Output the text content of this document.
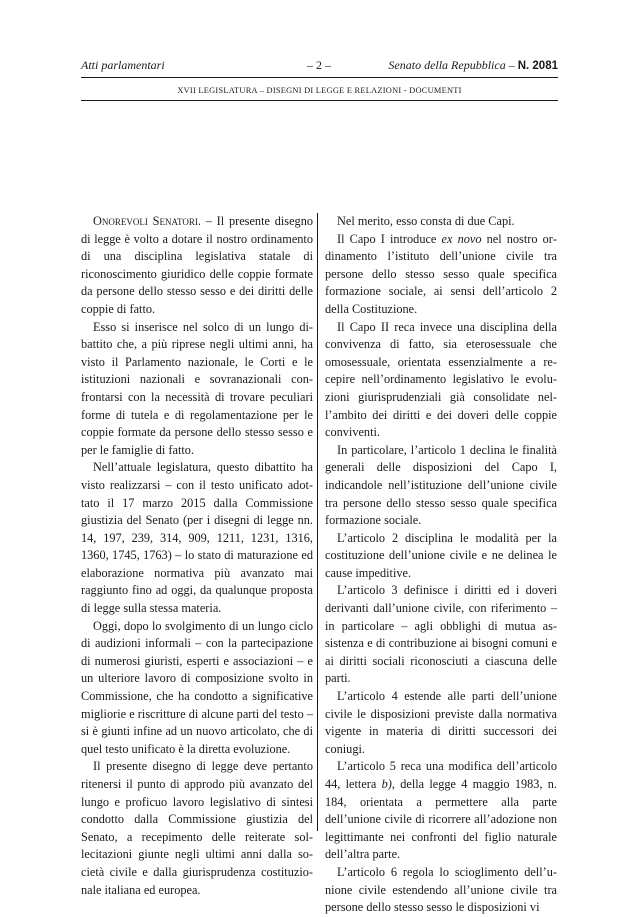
Atti parlamentari	– 2 –	Senato della Repubblica – N. 2081
XVII LEGISLATURA – DISEGNI DI LEGGE E RELAZIONI - DOCUMENTI

Onorevoli Senatori. – Il presente disegno di legge è volto a dotare il nostro ordinamento di una disciplina legislativa statale di riconoscimento giuridico delle coppie formate da persone dello stesso sesso e dei diritti delle coppie di fatto.

Esso si inserisce nel solco di un lungo dibattito che, a più riprese negli ultimi anni, ha visto il Parlamento nazionale, le Corti e le istituzioni nazionali e sovranazionali confrontarsi con la necessità di trovare peculiari forme di tutela e di regolamentazione per le coppie formate da persone dello stesso sesso e per le famiglie di fatto.

Nell’attuale legislatura, questo dibattito ha visto realizzarsi – con il testo unificato adottato il 17 marzo 2015 dalla Commissione giustizia del Senato (per i disegni di legge nn. 14, 197, 239, 314, 909, 1211, 1231, 1316, 1360, 1745, 1763) – lo stato di maturazione ed elaborazione normativa più avanzato mai raggiunto fino ad oggi, da qualunque proposta di legge sulla stessa materia.

Oggi, dopo lo svolgimento di un lungo ciclo di audizioni informali – con la partecipazione di numerosi giuristi, esperti e associazioni – e un ulteriore lavoro di composizione svolto in Commissione, che ha condotto a significative migliorie e riscritture di alcune parti del testo – si è giunti infine ad un nuovo articolato, che di quel testo unificato è la diretta evoluzione.

Il presente disegno di legge deve pertanto ritenersi il punto di approdo più avanzato del lungo e proficuo lavoro legislativo di sintesi condotto dalla Commissione giustizia del Senato, a recepimento delle reiterate sollecitazioni giunte negli ultimi anni dalla società civile e dalla giurisprudenza costituzionale italiana ed europea.

Nel merito, esso consta di due Capi.

Il Capo I introduce ex novo nel nostro ordinamento l’istituto dell’unione civile tra persone dello stesso sesso quale specifica formazione sociale, ai sensi dell’articolo 2 della Costituzione.

Il Capo II reca invece una disciplina della convivenza di fatto, sia eterosessuale che omosessuale, orientata essenzialmente a recepire nell’ordinamento legislativo le evoluzioni giurisprudenziali già consolidate nell’ambito dei diritti e dei doveri delle coppie conviventi.

In particolare, l’articolo 1 declina le finalità generali delle disposizioni del Capo I, indicandole nell’istituzione dell’unione civile tra persone dello stesso sesso quale specifica formazione sociale.

L’articolo 2 disciplina le modalità per la costituzione dell’unione civile e ne delinea le cause impeditive.

L’articolo 3 definisce i diritti ed i doveri derivanti dall’unione civile, con riferimento – in particolare – agli obblighi di mutua assistenza e di contribuzione ai bisogni comuni e ai diritti sociali riconosciuti a ciascuna delle parti.

L’articolo 4 estende alle parti dell’unione civile le disposizioni previste dalla normativa vigente in materia di diritti successori dei coniugi.

L’articolo 5 reca una modifica dell’articolo 44, lettera b), della legge 4 maggio 1983, n. 184, orientata a permettere alla parte dell’unione civile di ricorrere all’adozione non legittimante nei confronti del figlio naturale dell’altra parte.

L’articolo 6 regola lo scioglimento dell’unione civile estendendo all’unione civile tra persone dello stesso sesso le disposizioni vi
